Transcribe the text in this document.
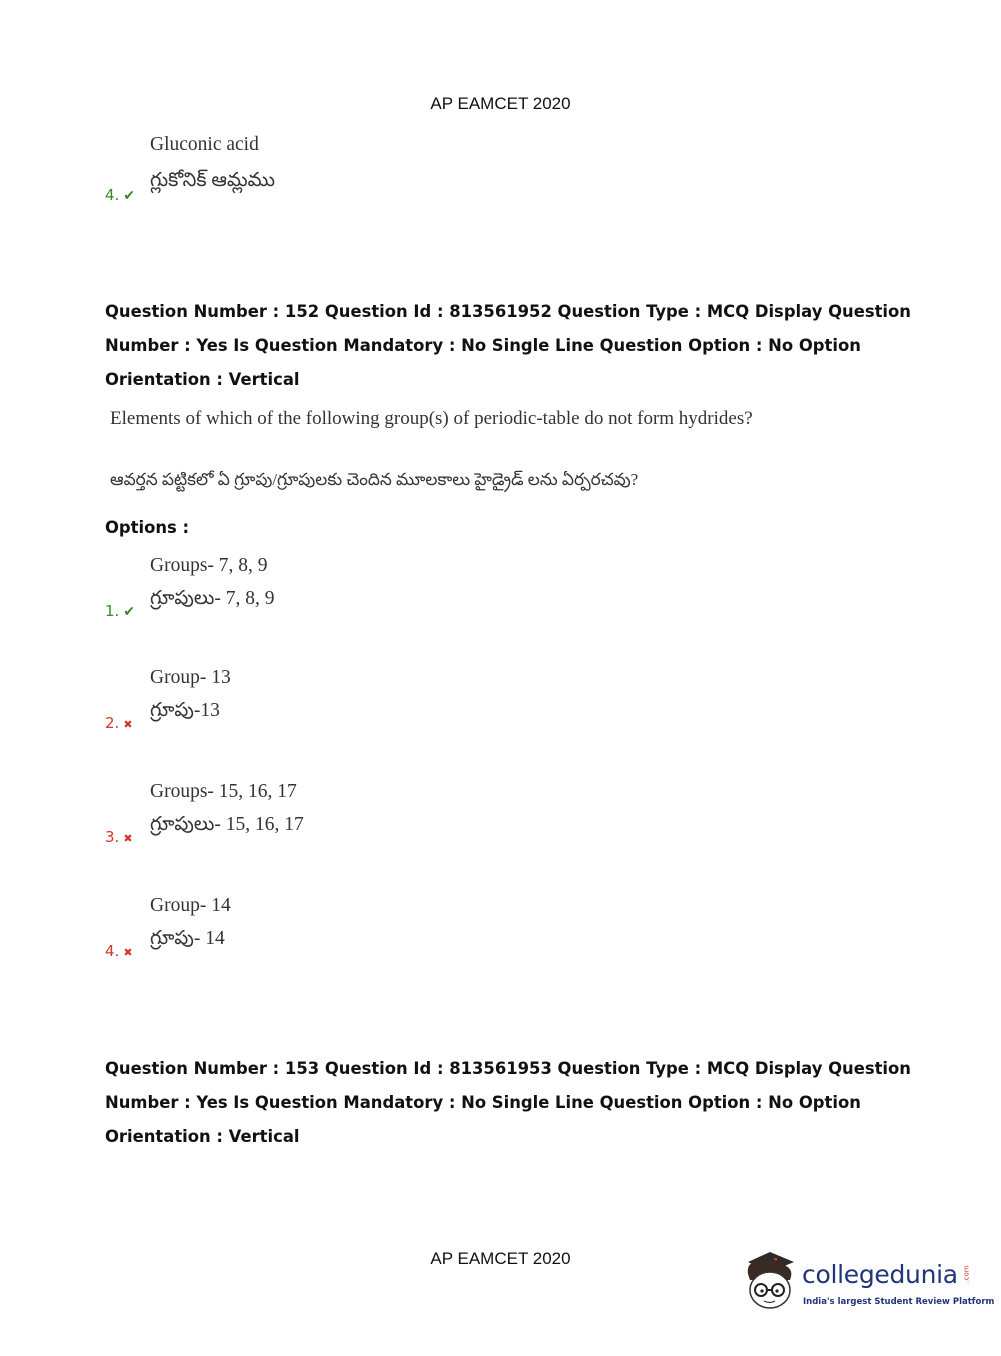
AP EAMCET 2020
Gluconic acid
గ్లుకోనిక్ ఆమ్లము
4. ✔
Question Number : 152 Question Id : 813561952 Question Type : MCQ Display Question
Number : Yes Is Question Mandatory : No Single Line Question Option : No Option
Orientation : Vertical
Elements of which of the following group(s) of periodic-table do not form hydrides?
ఆవర్తన పట్టికలో ఏ గ్రూపు/గ్రూపులకు చెందిన మూలకాలు హైడ్రైడ్ లను ఏర్పరచవు?
Options :
Groups- 7, 8, 9
గ్రూపులు- 7, 8, 9
1. ✔
Group- 13
గ్రూపు-13
2. ✖
Groups- 15, 16, 17
గ్రూపులు- 15, 16, 17
3. ✖
Group- 14
గ్రూపు- 14
4. ✖
Question Number : 153 Question Id : 813561953 Question Type : MCQ Display Question
Number : Yes Is Question Mandatory : No Single Line Question Option : No Option
Orientation : Vertical
AP EAMCET 2020
collegedunia .com
India's largest Student Review Platform
